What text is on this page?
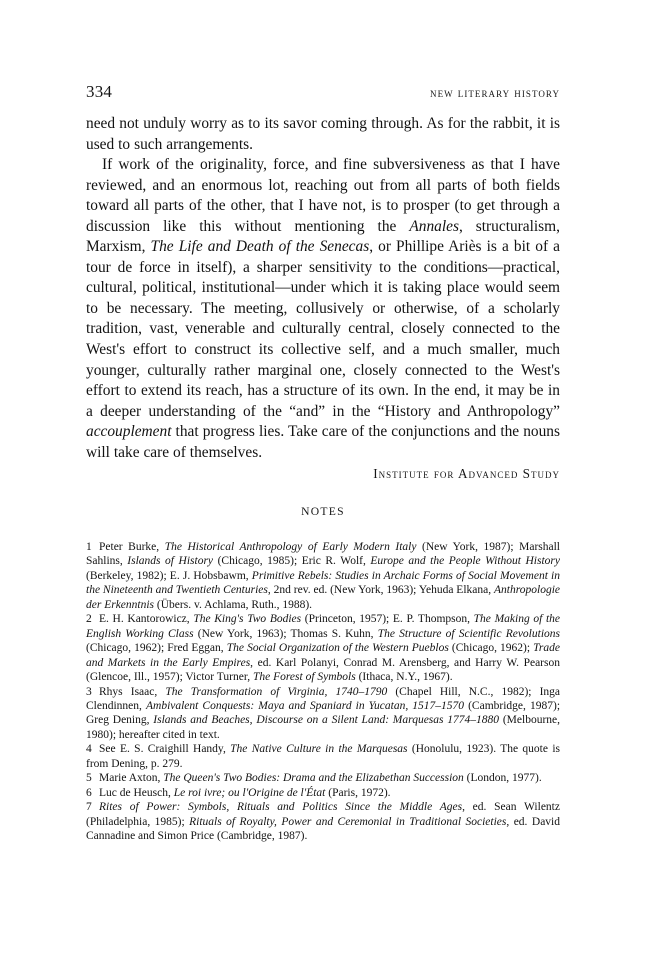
334	new literary history

need not unduly worry as to its savor coming through. As for the rabbit, it is used to such arrangements.

If work of the originality, force, and fine subversiveness as that I have reviewed, and an enormous lot, reaching out from all parts of both fields toward all parts of the other, that I have not, is to prosper (to get through a discussion like this without mentioning the Annales, structuralism, Marxism, The Life and Death of the Senecas, or Phillipe Ariès is a bit of a tour de force in itself), a sharper sensitivity to the conditions—practical, cultural, political, institutional—under which it is taking place would seem to be necessary. The meeting, collusively or otherwise, of a scholarly tradition, vast, venerable and culturally central, closely connected to the West's effort to construct its collective self, and a much smaller, much younger, culturally rather marginal one, closely connected to the West's effort to extend its reach, has a structure of its own. In the end, it may be in a deeper understanding of the “and” in the “History and Anthropology” accouplement that progress lies. Take care of the conjunctions and the nouns will take care of themselves.

Institute for Advanced Study
NOTES

1 Peter Burke, The Historical Anthropology of Early Modern Italy (New York, 1987); Marshall Sahlins, Islands of History (Chicago, 1985); Eric R. Wolf, Europe and the People Without History (Berkeley, 1982); E. J. Hobsbawm, Primitive Rebels: Studies in Archaic Forms of Social Movement in the Nineteenth and Twentieth Centuries, 2nd rev. ed. (New York, 1963); Yehuda Elkana, Anthropologie der Erkenntnis (Übers. v. Achlama, Ruth., 1988).

2 E. H. Kantorowicz, The King's Two Bodies (Princeton, 1957); E. P. Thompson, The Making of the English Working Class (New York, 1963); Thomas S. Kuhn, The Structure of Scientific Revolutions (Chicago, 1962); Fred Eggan, The Social Organization of the Western Pueblos (Chicago, 1962); Trade and Markets in the Early Empires, ed. Karl Polanyi, Conrad M. Arensberg, and Harry W. Pearson (Glencoe, Ill., 1957); Victor Turner, The Forest of Symbols (Ithaca, N.Y., 1967).

3 Rhys Isaac, The Transformation of Virginia, 1740–1790 (Chapel Hill, N.C., 1982); Inga Clendinnen, Ambivalent Conquests: Maya and Spaniard in Yucatan, 1517–1570 (Cambridge, 1987); Greg Dening, Islands and Beaches, Discourse on a Silent Land: Marquesas 1774–1880 (Melbourne, 1980); hereafter cited in text.

4 See E. S. Craighill Handy, The Native Culture in the Marquesas (Honolulu, 1923). The quote is from Dening, p. 279.

5 Marie Axton, The Queen's Two Bodies: Drama and the Elizabethan Succession (London, 1977).

6 Luc de Heusch, Le roi ivre; ou l'Origine de l'État (Paris, 1972).

7 Rites of Power: Symbols, Rituals and Politics Since the Middle Ages, ed. Sean Wilentz (Philadelphia, 1985); Rituals of Royalty, Power and Ceremonial in Traditional Societies, ed. David Cannadine and Simon Price (Cambridge, 1987).
